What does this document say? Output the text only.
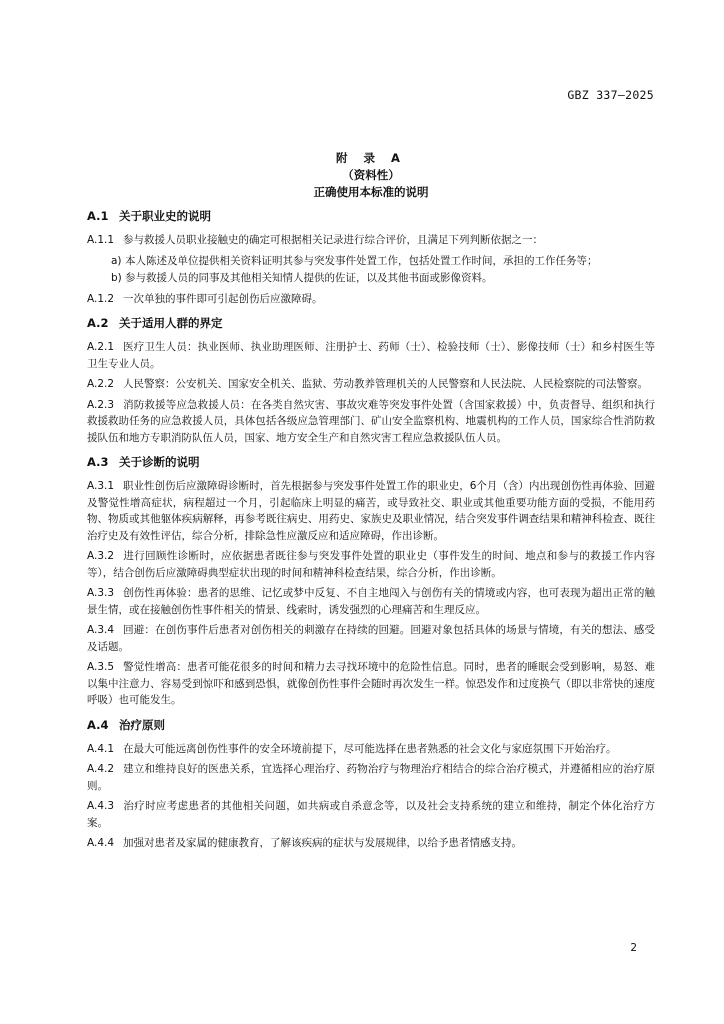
GBZ 337—2025
附 录 A
（资料性）
正确使用本标准的说明
A.1 关于职业史的说明
A.1.1 参与救援人员职业接触史的确定可根据相关记录进行综合评价，且满足下列判断依据之一：
a) 本人陈述及单位提供相关资料证明其参与突发事件处置工作，包括处置工作时间，承担的工作任务等；
b) 参与救援人员的同事及其他相关知情人提供的佐证，以及其他书面或影像资料。
A.1.2 一次单独的事件即可引起创伤后应激障碍。
A.2 关于适用人群的界定
A.2.1 医疗卫生人员：执业医师、执业助理医师、注册护士、药师（士）、检验技师（士）、影像技师（士）和乡村医生等卫生专业人员。
A.2.2 人民警察：公安机关、国家安全机关、监狱、劳动教养管理机关的人民警察和人民法院、人民检察院的司法警察。
A.2.3 消防救援等应急救援人员：在各类自然灾害、事故灾难等突发事件处置（含国家救援）中，负责督导、组织和执行救援救助任务的应急救援人员，具体包括各级应急管理部门、矿山安全监察机构、地震机构的工作人员，国家综合性消防救援队伍和地方专职消防队伍人员，国家、地方安全生产和自然灾害工程应急救援队伍人员。
A.3 关于诊断的说明
A.3.1 职业性创伤后应激障碍诊断时，首先根据参与突发事件处置工作的职业史，6个月（含）内出现创伤性再体验、回避及警觉性增高症状，病程超过一个月，引起临床上明显的痛苦，或导致社交、职业或其他重要功能方面的受损，不能用药物、物质或其他躯体疾病解释，再参考既往病史、用药史、家族史及职业情况，结合突发事件调查结果和精神科检查、既往治疗史及有效性评估，综合分析，排除急性应激反应和适应障碍，作出诊断。
A.3.2 进行回顾性诊断时，应依据患者既往参与突发事件处置的职业史（事件发生的时间、地点和参与的救援工作内容等），结合创伤后应激障碍典型症状出现的时间和精神科检查结果，综合分析，作出诊断。
A.3.3 创伤性再体验：患者的思维、记忆或梦中反复、不自主地闯入与创伤有关的情境或内容，也可表现为超出正常的触景生情，或在接触创伤性事件相关的情景、线索时，诱发强烈的心理痛苦和生理反应。
A.3.4 回避：在创伤事件后患者对创伤相关的刺激存在持续的回避。回避对象包括具体的场景与情境，有关的想法、感受及话题。
A.3.5 警觉性增高：患者可能花很多的时间和精力去寻找环境中的危险性信息。同时，患者的睡眠会受到影响，易怒、难以集中注意力、容易受到惊吓和感到恐惧，就像创伤性事件会随时再次发生一样。惊恐发作和过度换气（即以非常快的速度呼吸）也可能发生。
A.4 治疗原则
A.4.1 在最大可能远离创伤性事件的安全环境前提下，尽可能选择在患者熟悉的社会文化与家庭氛围下开始治疗。
A.4.2 建立和维持良好的医患关系，宜选择心理治疗、药物治疗与物理治疗相结合的综合治疗模式，并遵循相应的治疗原则。
A.4.3 治疗时应考虑患者的其他相关问题，如共病或自杀意念等，以及社会支持系统的建立和维持，制定个体化治疗方案。
A.4.4 加强对患者及家属的健康教育，了解该疾病的症状与发展规律，以给予患者情感支持。
2
